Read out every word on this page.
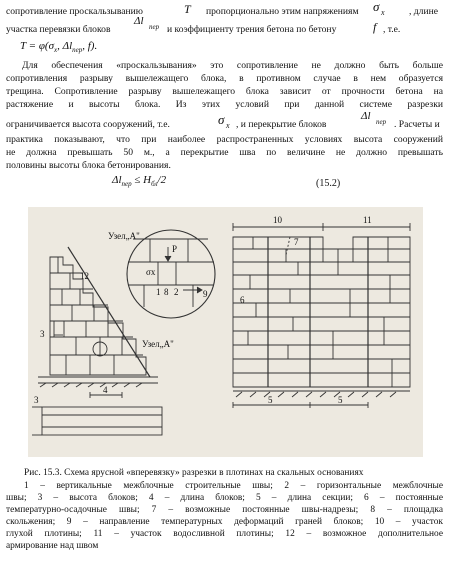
сопротивление проскальзыванию	T пропорционально этим напряжениям σ x	, длине
участка перевязки блоков
Δl пер и коэффициенту трения бетона по бетону	f , т.е.
$T = \varphi(\sigma_x$, $\Delta l_{пер}$, f).
Для обеспечения «проскальзывания» это сопротивление не должно быть больше
сопротивления разрыву вышележащего блока, в противном случае в нем образуется
трещина. Сопротивление разрыву вышележащего блока зависит от прочности бетона на
растяжение и высоты блока. Из этих условий при данной системе разрезки
ограничивается высота сооружений, т.е.	σ x , и перекрытие блоков
Δl пер . Расчеты и
практика показывают, что при наиболее распространенных условиях высота сооружений
не должна превышать 50 м., а перекрытие шва по величине не должно превышать
половины высоты блока бетонирования.
$\Delta l_{пер} \le H_{бл}/2$	(15.2)
Узел„А"
Узел„А"
P
σх
1 2
3
4
5	5
6
7
8	9
10	11
12
3
Рис. 15.3. Схема ярусной «вперевязку» разрезки в плотинах на скальных основаниях
1 – вертикальные межблочные строительные швы; 2 – горизонтальные межблочные
швы; 3 – высота блоков; 4 – длина блоков; 5 – длина секции; 6 – постоянные
температурно-осадочные швы; 7 – возможные постоянные швы-надрезы; 8 – площадка
скольжения; 9 – направление температурных деформаций граней блоков; 10 – участок
глухой плотины; 11 – участок водосливной плотины; 12 – возможное дополнительное
армирование над швом
